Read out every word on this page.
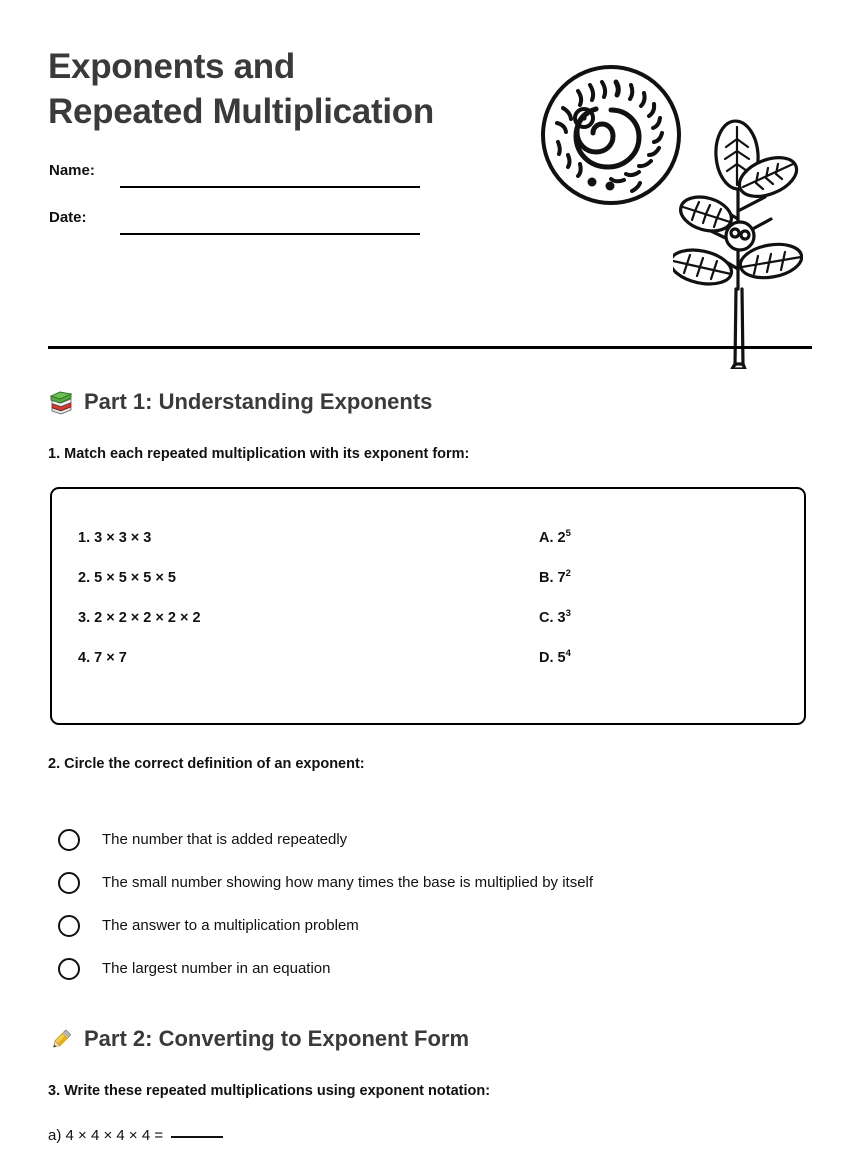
Exponents and
Repeated Multiplication
Name:
Date:
Part 1: Understanding Exponents
1. Match each repeated multiplication with its exponent form:
1. 3 × 3 × 3
2. 5 × 5 × 5 × 5
3. 2 × 2 × 2 × 2 × 2
4. 7 × 7
A. $2^5$
B. $7^2$
C. $3^3$
D. $5^4$
2. Circle the correct definition of an exponent:
The number that is added repeatedly
The small number showing how many times the base is multiplied by itself
The answer to a multiplication problem
The largest number in an equation
Part 2: Converting to Exponent Form
3. Write these repeated multiplications using exponent notation:
a) 4 × 4 × 4 × 4 =
